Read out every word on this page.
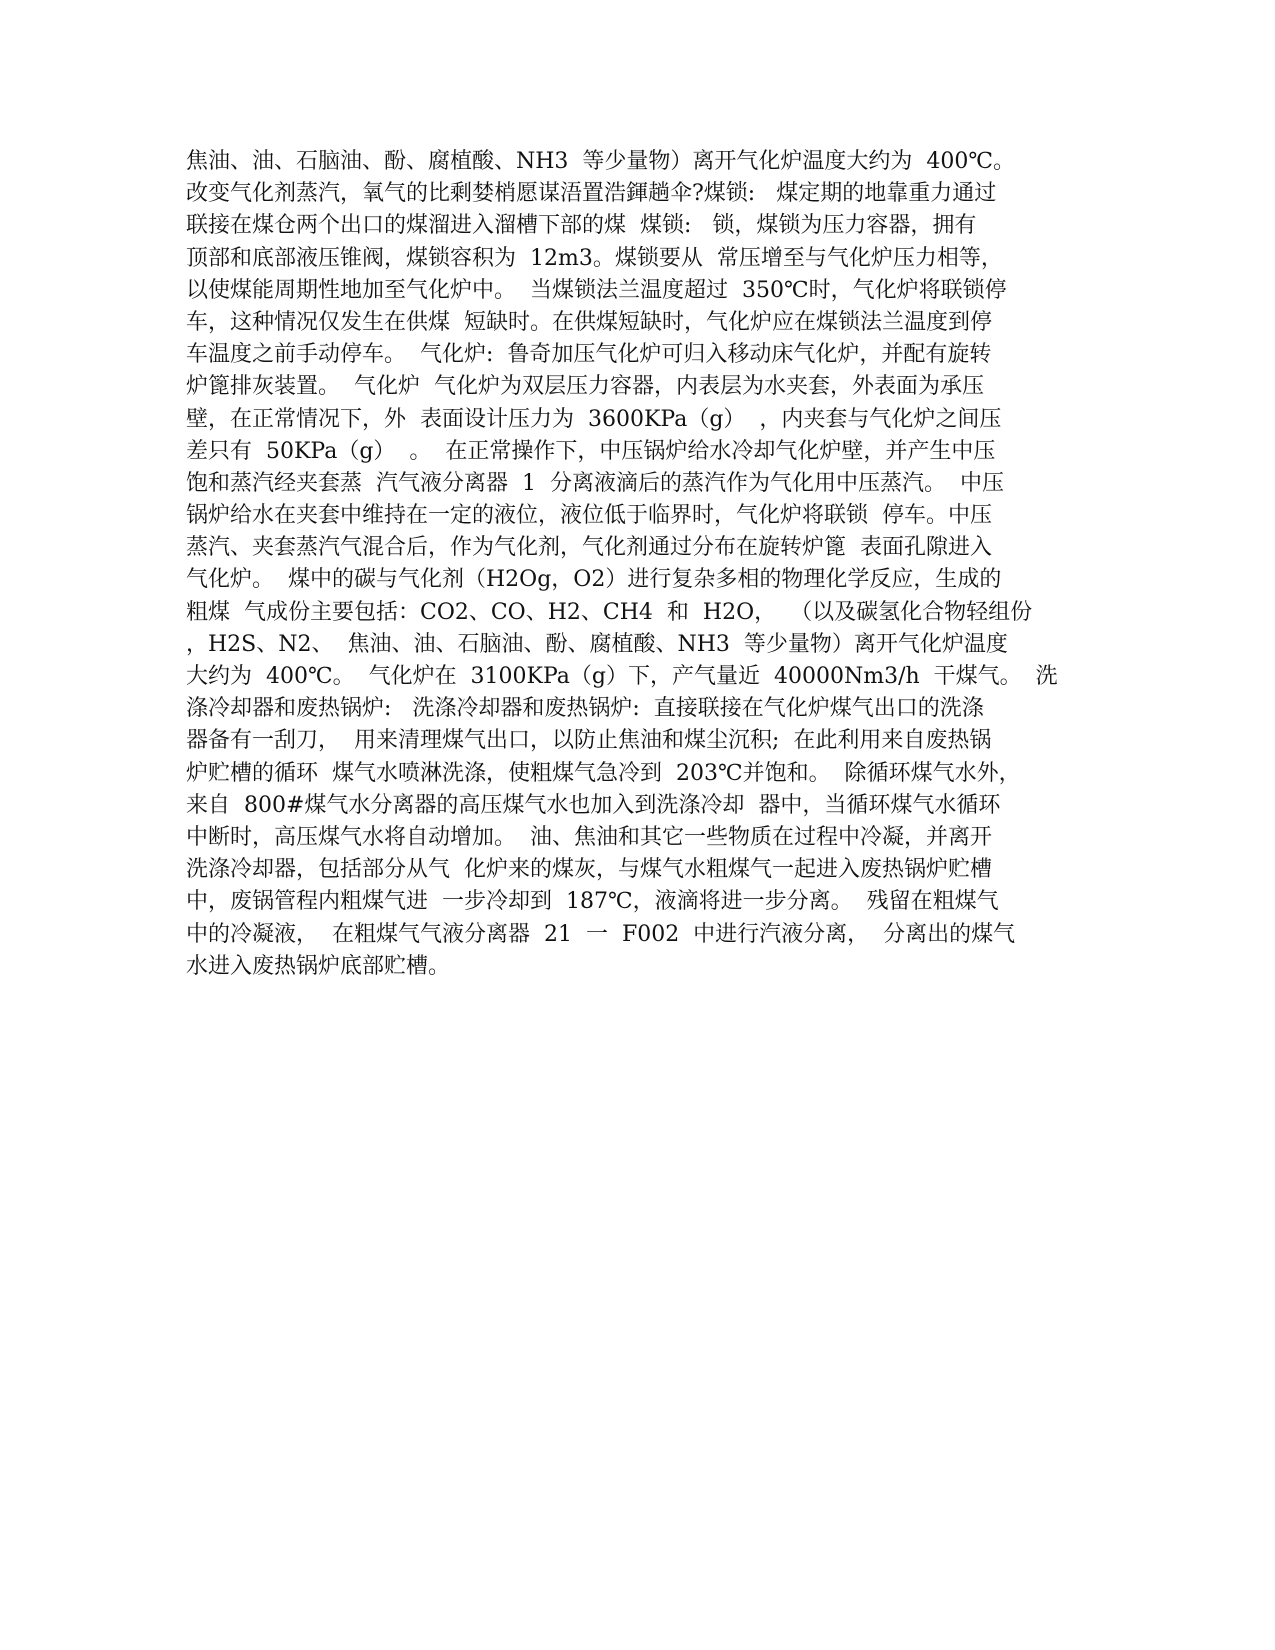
焦油、油、石脑油、酚、腐植酸、NH3  等少量物）离开气化炉温度大约为  400℃。
改变气化剂蒸汽，氧气的比剩婪梢愿谋浯置浩鍕趟伞?煤锁:   煤定期的地靠重力通过
联接在煤仓两个出口的煤溜进入溜槽下部的煤  煤锁:   锁，煤锁为压力容器，拥有
顶部和底部液压锥阀，煤锁容积为  12m3。煤锁要从  常压增至与气化炉压力相等，
以使煤能周期性地加至气化炉中。  当煤锁法兰温度超过  350℃时，气化炉将联锁停
车，这种情况仅发生在供煤  短缺时。在供煤短缺时，气化炉应在煤锁法兰温度到停
车温度之前手动停车。  气化炉:  鲁奇加压气化炉可归入移动床气化炉，并配有旋转
炉篦排灰装置。  气化炉  气化炉为双层压力容器，内表层为水夹套，外表面为承压
壁，在正常情况下，外  表面设计压力为  3600KPa（g）  ，内夹套与气化炉之间压
差只有  50KPa（g）  。  在正常操作下，中压锅炉给水冷却气化炉壁，并产生中压
饱和蒸汽经夹套蒸  汽气液分离器  1  分离液滴后的蒸汽作为气化用中压蒸汽。  中压
锅炉给水在夹套中维持在一定的液位，液位低于临界时，气化炉将联锁  停车。中压
蒸汽、夹套蒸汽气混合后，作为气化剂，气化剂通过分布在旋转炉篦  表面孔隙进入
气化炉。  煤中的碳与气化剂（H2Og，O2）进行复杂多相的物理化学反应，生成的
粗煤  气成份主要包括：CO2、CO、H2、CH4  和  H2O，  （以及碳氢化合物轻组份
，H2S、N2、  焦油、油、石脑油、酚、腐植酸、NH3  等少量物）离开气化炉温度
大约为  400℃。  气化炉在  3100KPa（g）下，产气量近  40000Nm3/h  干煤气。  洗
涤冷却器和废热锅炉:   洗涤冷却器和废热锅炉:  直接联接在气化炉煤气出口的洗涤
器备有一刮刀，  用来清理煤气出口，以防止焦油和煤尘沉积;  在此利用来自废热锅
炉贮槽的循环  煤气水喷淋洗涤，使粗煤气急冷到  203℃并饱和。  除循环煤气水外，
来自  800#煤气水分离器的高压煤气水也加入到洗涤冷却  器中，当循环煤气水循环
中断时，高压煤气水将自动增加。  油、焦油和其它一些物质在过程中冷凝，并离开
洗涤冷却器，包括部分从气  化炉来的煤灰，与煤气水粗煤气一起进入废热锅炉贮槽
中，废锅管程内粗煤气进  一步冷却到  187℃，液滴将进一步分离。  残留在粗煤气
中的冷凝液，  在粗煤气气液分离器  21  一  F002  中进行汽液分离，  分离出的煤气
水进入废热锅炉底部贮槽。
